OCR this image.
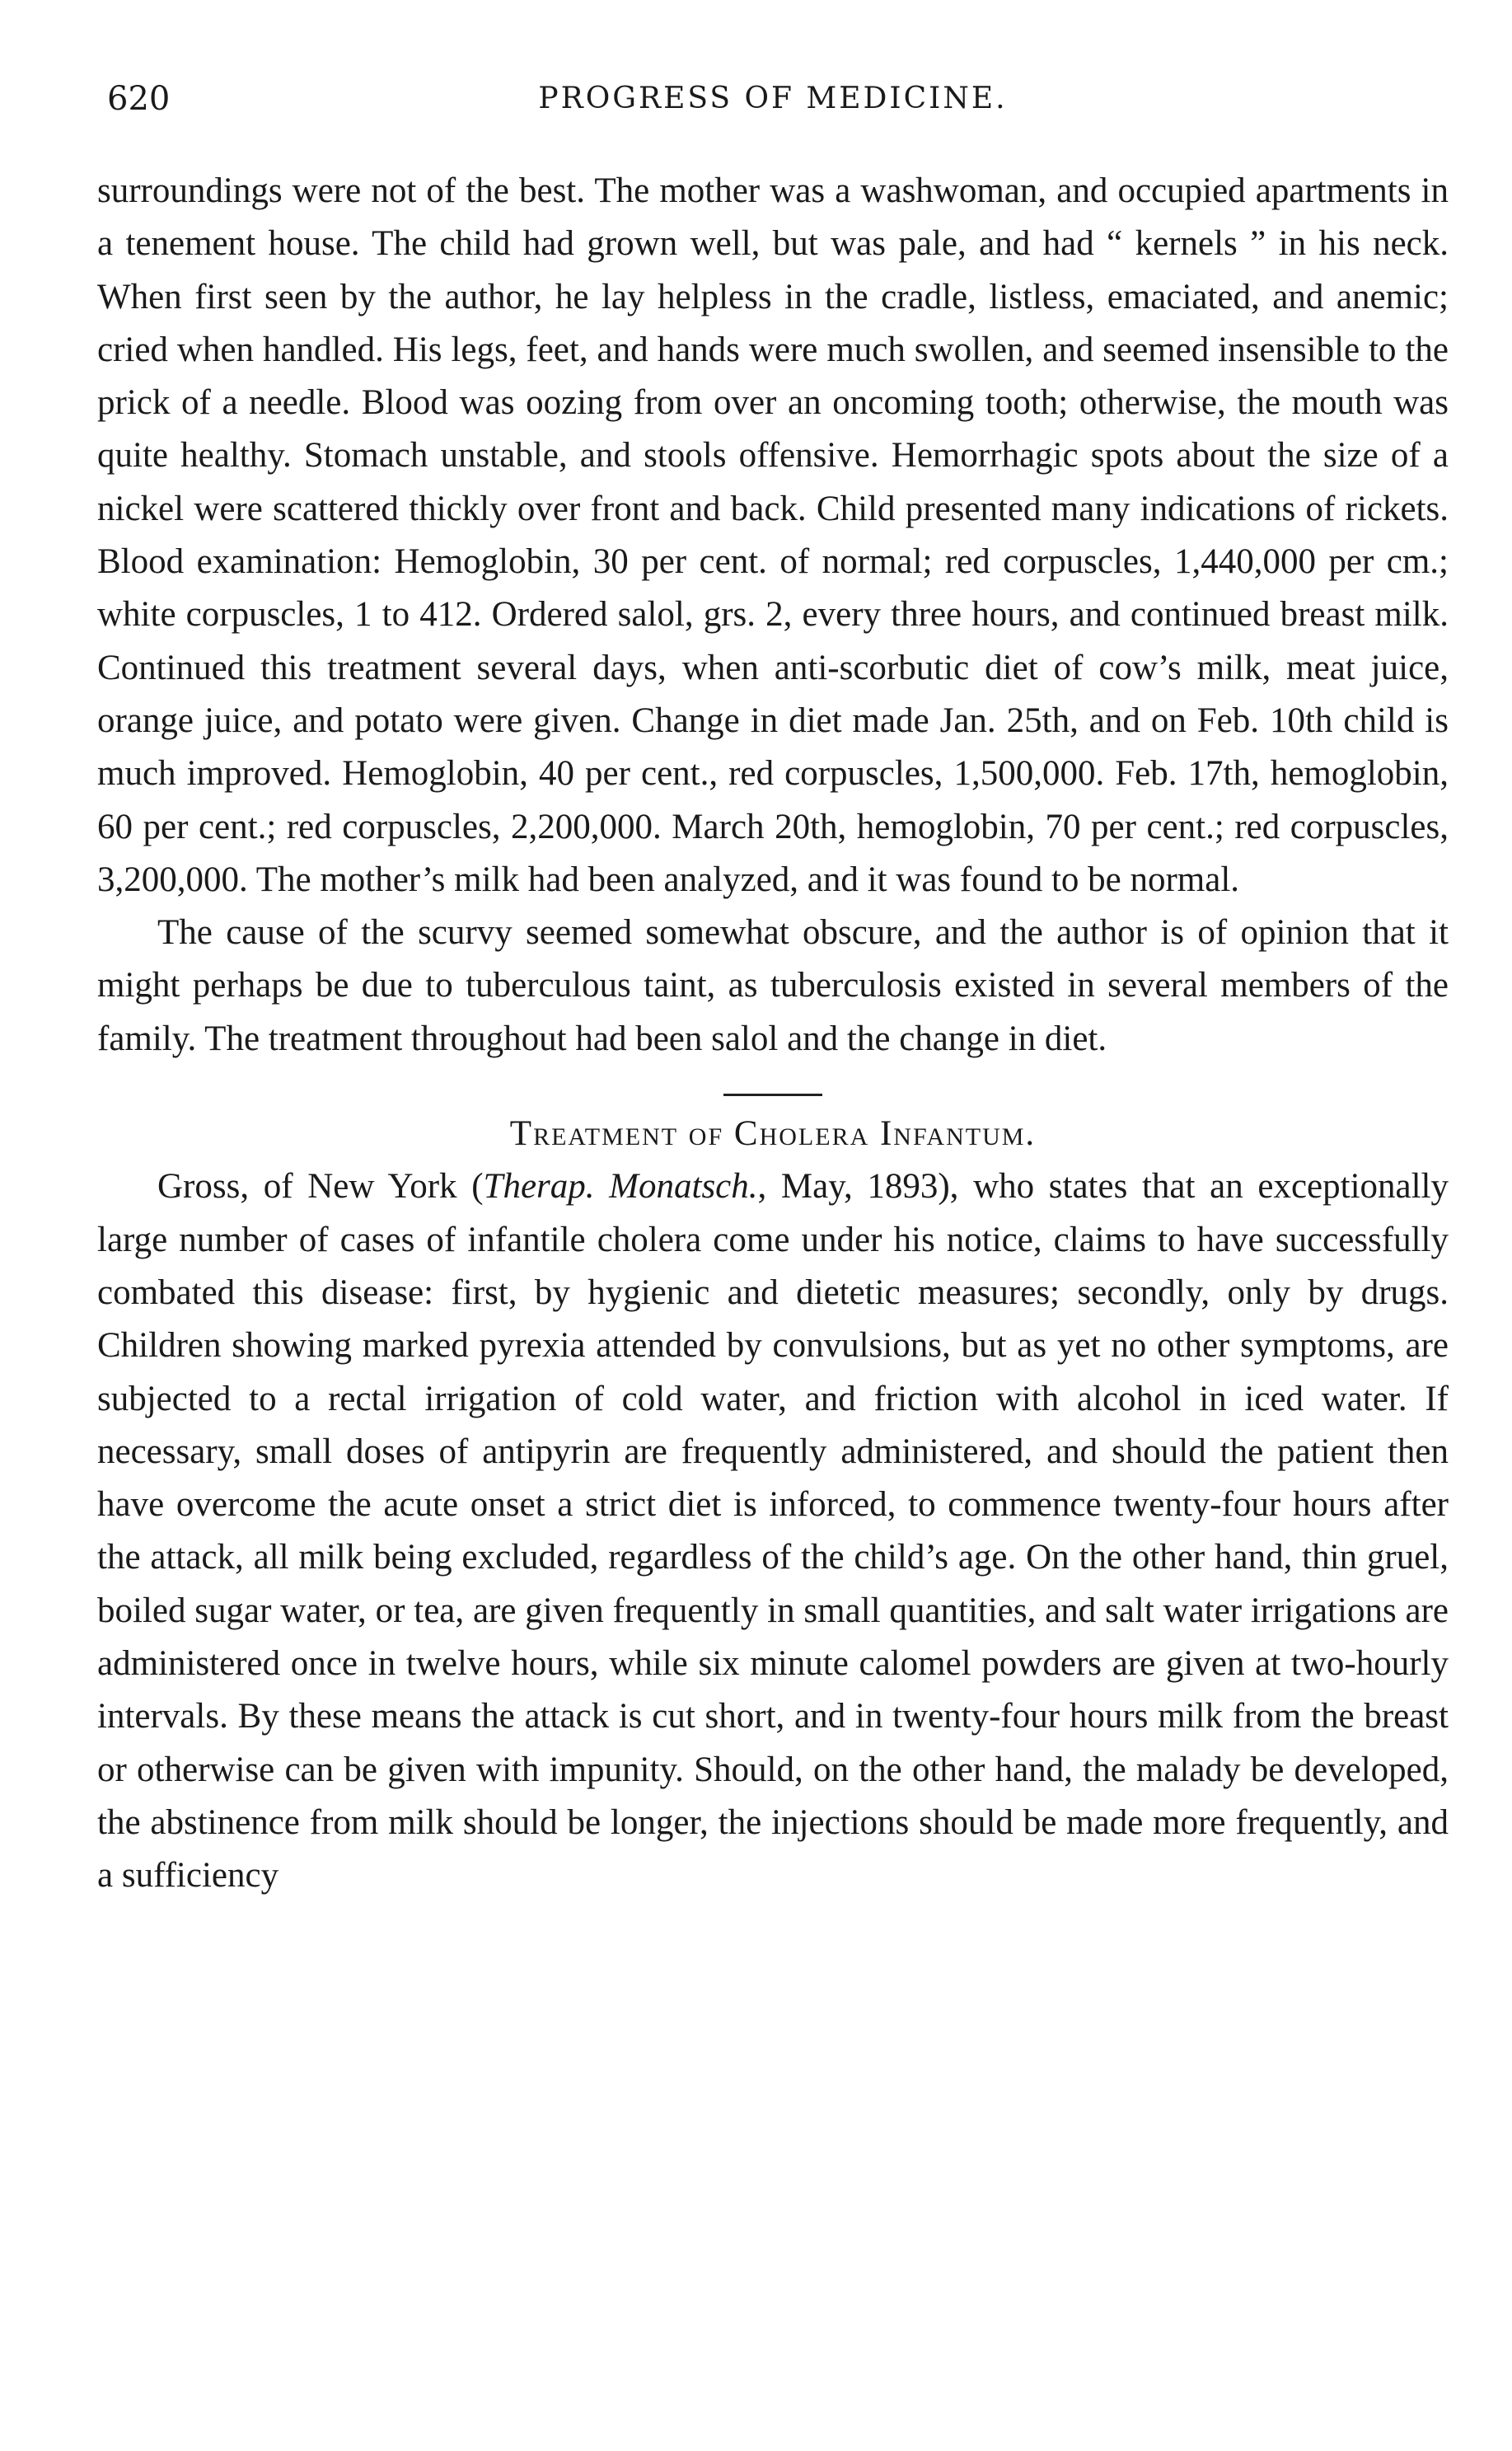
620	PROGRESS OF MEDICINE.

surroundings were not of the best. The mother was a washwoman, and occupied apartments in a tenement house. The child had grown well, but was pale, and had “ kernels ” in his neck. When first seen by the author, he lay helpless in the cradle, listless, emaciated, and anemic; cried when handled. His legs, feet, and hands were much swollen, and seemed insensible to the prick of a needle. Blood was oozing from over an oncoming tooth; otherwise, the mouth was quite healthy. Stomach unstable, and stools offensive. Hemorrhagic spots about the size of a nickel were scattered thickly over front and back. Child presented many indications of rickets. Blood examination: Hemoglobin, 30 per cent. of normal; red corpuscles, 1,440,000 per cm.; white corpuscles, 1 to 412. Ordered salol, grs. 2, every three hours, and continued breast milk. Continued this treatment several days, when anti-scorbutic diet of cow’s milk, meat juice, orange juice, and potato were given. Change in diet made Jan. 25th, and on Feb. 10th child is much improved. Hemoglobin, 40 per cent., red corpuscles, 1,500,000. Feb. 17th, hemoglobin, 60 per cent.; red corpuscles, 2,200,000. March 20th, hemoglobin, 70 per cent.; red corpuscles, 3,200,000. The mother’s milk had been analyzed, and it was found to be normal.

The cause of the scurvy seemed somewhat obscure, and the author is of opinion that it might perhaps be due to tuberculous taint, as tuberculosis existed in several members of the family. The treatment throughout had been salol and the change in diet.

Treatment of Cholera Infantum.

Gross, of New York (Therap. Monatsch., May, 1893), who states that an exceptionally large number of cases of infantile cholera come under his notice, claims to have successfully combated this disease: first, by hygienic and dietetic measures; secondly, only by drugs. Children showing marked pyrexia attended by convulsions, but as yet no other symptoms, are subjected to a rectal irrigation of cold water, and friction with alcohol in iced water. If necessary, small doses of antipyrin are frequently administered, and should the patient then have overcome the acute onset a strict diet is inforced, to commence twenty-four hours after the attack, all milk being excluded, regardless of the child’s age. On the other hand, thin gruel, boiled sugar water, or tea, are given frequently in small quantities, and salt water irrigations are administered once in twelve hours, while six minute calomel powders are given at two-hourly intervals. By these means the attack is cut short, and in twenty-four hours milk from the breast or otherwise can be given with impunity. Should, on the other hand, the malady be developed, the abstinence from milk should be longer, the injections should be made more frequently, and a sufficiency
